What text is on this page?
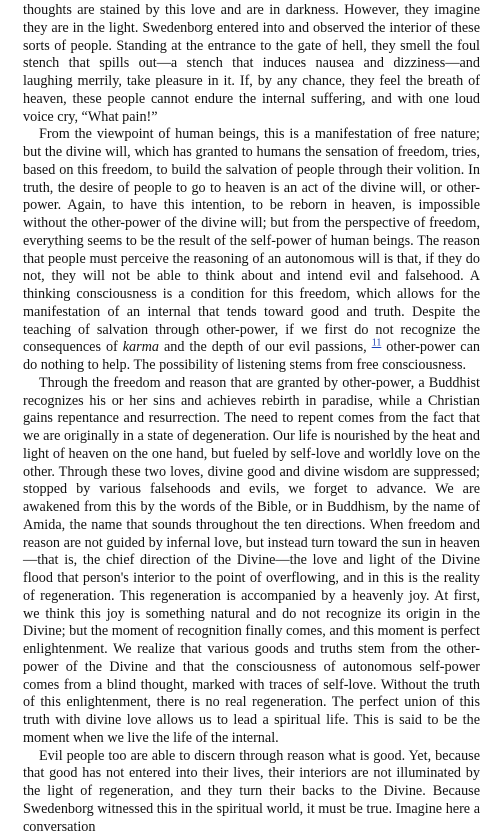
thoughts are stained by this love and are in darkness. However, they imagine they are in the light. Swedenborg entered into and observed the interior of these sorts of people. Standing at the entrance to the gate of hell, they smell the foul stench that spills out—a stench that induces nausea and dizziness—and laughing merrily, take pleasure in it. If, by any chance, they feel the breath of heaven, these people cannot endure the internal suffering, and with one loud voice cry, “What pain!”

From the viewpoint of human beings, this is a manifestation of free nature; but the divine will, which has granted to humans the sensation of freedom, tries, based on this freedom, to build the salvation of people through their volition. In truth, the desire of people to go to heaven is an act of the divine will, or other-power. Again, to have this intention, to be reborn in heaven, is impossible without the other-power of the divine will; but from the perspective of freedom, everything seems to be the result of the self-power of human beings. The reason that people must perceive the reasoning of an autonomous will is that, if they do not, they will not be able to think about and intend evil and falsehood. A thinking consciousness is a condition for this freedom, which allows for the manifestation of an internal that tends toward good and truth. Despite the teaching of salvation through other-power, if we first do not recognize the consequences of karma and the depth of our evil passions, $^{11}$ other-power can do nothing to help. The possibility of listening stems from free consciousness.

Through the freedom and reason that are granted by other-power, a Buddhist recognizes his or her sins and achieves rebirth in paradise, while a Christian gains repentance and resurrection. The need to repent comes from the fact that we are originally in a state of degeneration. Our life is nourished by the heat and light of heaven on the one hand, but fueled by self-love and worldly love on the other. Through these two loves, divine good and divine wisdom are suppressed; stopped by various falsehoods and evils, we forget to advance. We are awakened from this by the words of the Bible, or in Buddhism, by the name of Amida, the name that sounds throughout the ten directions. When freedom and reason are not guided by infernal love, but instead turn toward the sun in heaven—that is, the chief direction of the Divine—the love and light of the Divine flood that person's interior to the point of overflowing, and in this is the reality of regeneration. This regeneration is accompanied by a heavenly joy. At first, we think this joy is something natural and do not recognize its origin in the Divine; but the moment of recognition finally comes, and this moment is perfect enlightenment. We realize that various goods and truths stem from the other-power of the Divine and that the consciousness of autonomous self-power comes from a blind thought, marked with traces of self-love. Without the truth of this enlightenment, there is no real regeneration. The perfect union of this truth with divine love allows us to lead a spiritual life. This is said to be the moment when we live the life of the internal.

Evil people too are able to discern through reason what is good. Yet, because that good has not entered into their lives, their interiors are not illuminated by the light of regeneration, and they turn their backs to the Divine. Because Swedenborg witnessed this in the spiritual world, it must be true. Imagine here a conversation
